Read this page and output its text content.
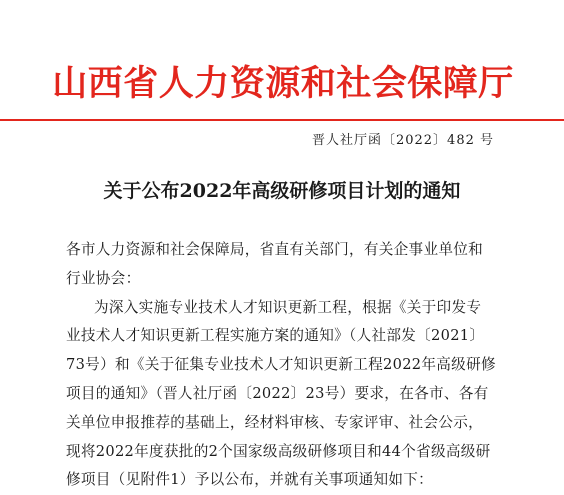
山西省人力资源和社会保障厅
晋人社厅函〔2022〕482 号
关于公布2022年高级研修项目计划的通知
各市人力资源和社会保障局，省直有关部门，有关企事业单位和
行业协会：
为深入实施专业技术人才知识更新工程，根据《关于印发专
业技术人才知识更新工程实施方案的通知》（人社部发〔2021〕
73号）和《关于征集专业技术人才知识更新工程2022年高级研修
项目的通知》（晋人社厅函〔2022〕23号）要求，在各市、各有
关单位申报推荐的基础上，经材料审核、专家评审、社会公示，
现将2022年度获批的2个国家级高级研修项目和44个省级高级研
修项目（见附件1）予以公布，并就有关事项通知如下：
